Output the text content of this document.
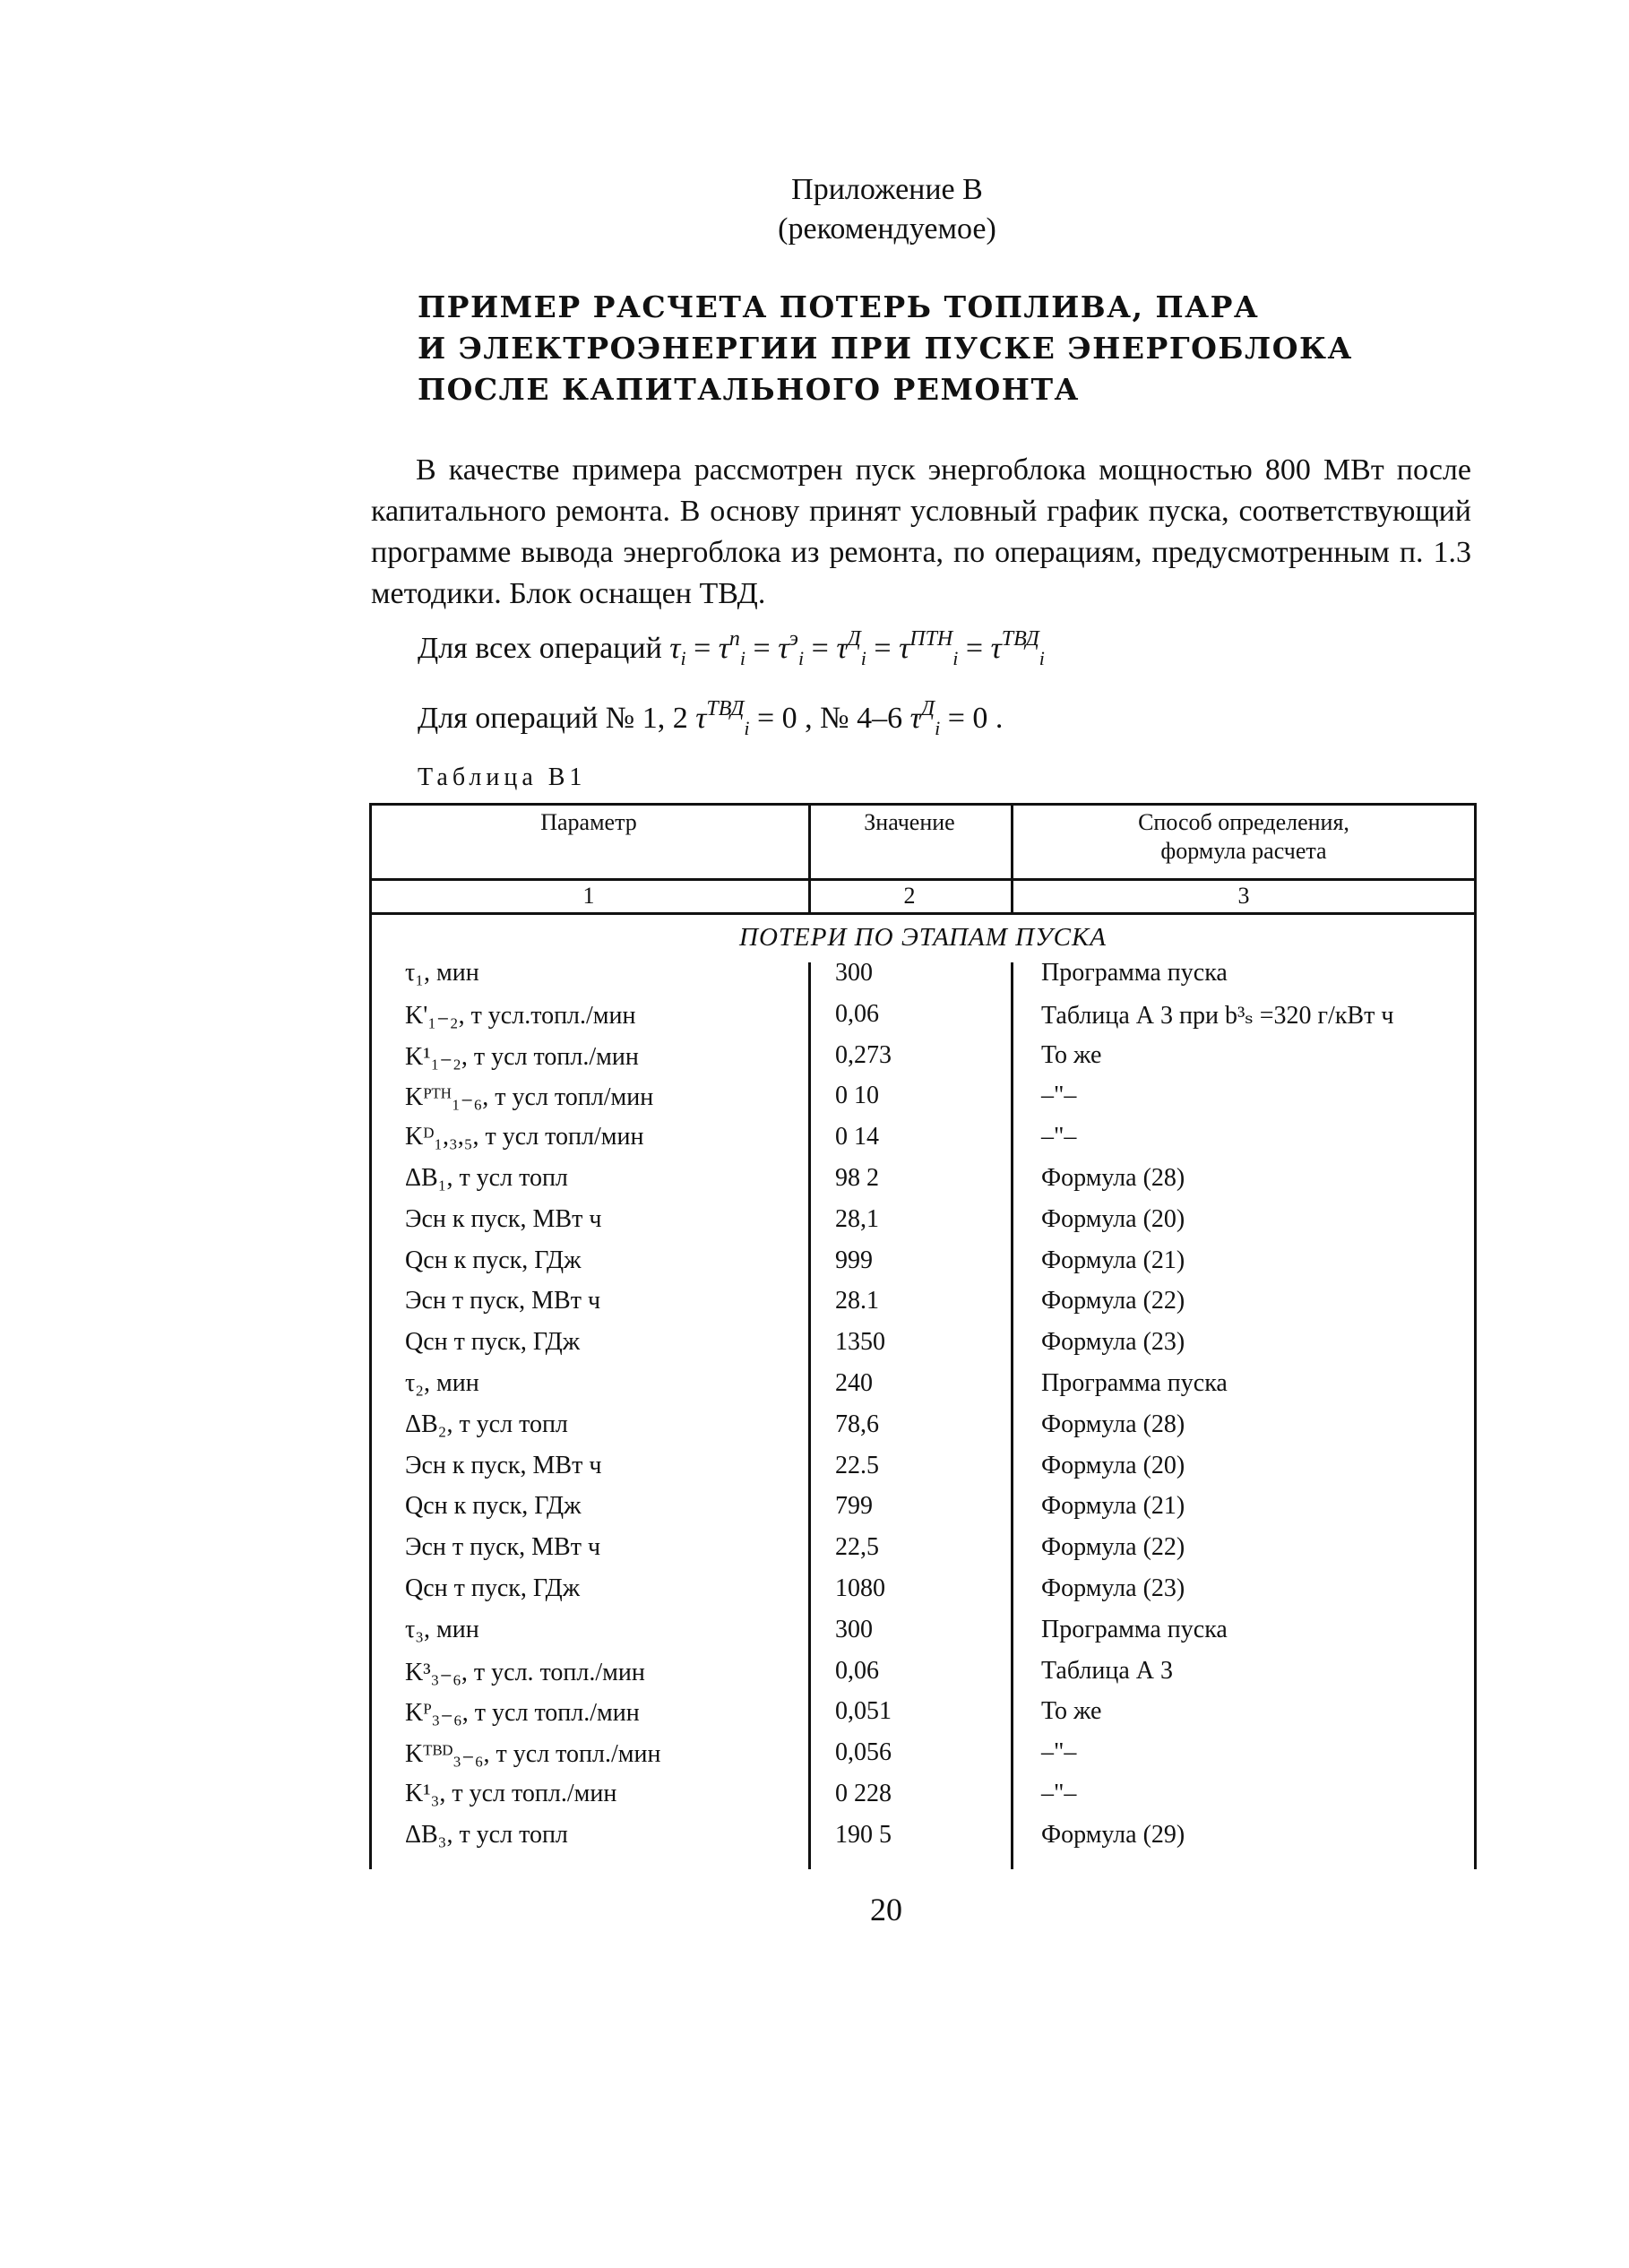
Приложение В
(рекомендуемое)
ПРИМЕР РАСЧЕТА ПОТЕРЬ ТОПЛИВА, ПАРА
И ЭЛЕКТРОЭНЕРГИИ ПРИ ПУСКЕ ЭНЕРГОБЛОКА
ПОСЛЕ КАПИТАЛЬНОГО РЕМОНТА
В качестве примера рассмотрен пуск энергоблока мощностью 800 МВт после капитального ремонта. В основу принят условный график пуска, соответствующий программе вывода энергоблока из ремонта, по операциям, предусмотренным п. 1.3 методики. Блок оснащен ТВД.
Для всех операций $\tau_i = \tau^п_i = \tau^э_i = \tau^Д_i = \tau^{ПТН}_i = \tau^{ТВД}_i$
Для операций № 1, 2 $\tau^{ТВД}_i = 0$ , № 4–6 $\tau^Д_i = 0$ .
Таблица В1
Параметр	Значение	Способ определения,
формула расчета
1	2	3
ПОТЕРИ ПО ЭТАПАМ ПУСКА
τ₁, мин	300	Программа пуска
K'₁₋₂, т усл.топл./мин	0,06	Таблица А 3 при b³ₛ =320 г/кВт ч
K¹₁₋₂, т усл топл./мин	0,273	То же
Kᴾᵀᴴ₁₋₆, т усл топл/мин	0 10	–"–
Kᴰ₁,₃,₅, т усл топл/мин	0 14	–"–
ΔB₁, т усл топл	98 2	Формула (28)
Эсн к пуск, МВт ч	28,1	Формула (20)
Qсн к пуск, ГДж	999	Формула (21)
Эсн т пуск, МВт ч	28.1	Формула (22)
Qсн т пуск, ГДж	1350	Формула (23)
τ₂, мин	240	Программа пуска
ΔB₂, т усл топл	78,6	Формула (28)
Эсн к пуск, МВт ч	22.5	Формула (20)
Qсн к пуск, ГДж	799	Формула (21)
Эсн т пуск, МВт ч	22,5	Формула (22)
Qсн т пуск, ГДж	1080	Формула (23)
τ₃, мин	300	Программа пуска
K³₃₋₆, т усл. топл./мин	0,06	Таблица А 3
Kᴾ₃₋₆, т усл топл./мин	0,051	То же
Kᵀᴮᴰ₃₋₆, т усл топл./мин	0,056	–"–
K¹₃, т усл топл./мин	0 228	–"–
ΔB₃, т усл топл	190 5	Формула (29)
20
